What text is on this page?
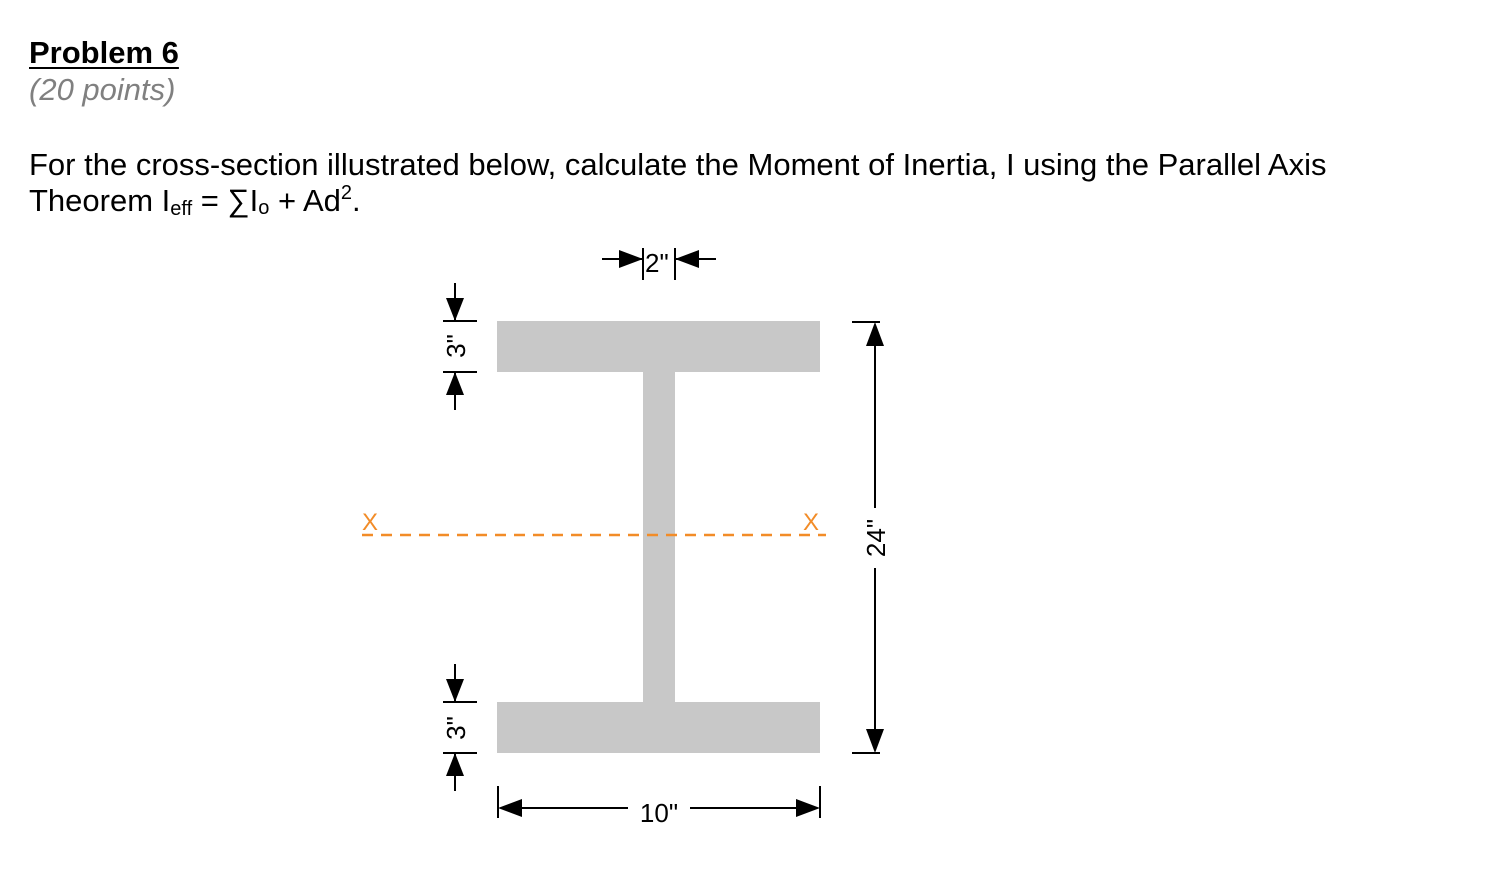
Problem 6

(20 points)

For the cross-section illustrated below, calculate the Moment of Inertia, I using the Parallel Axis Theorem $I_{eff} = \sum Io + Ad^2$.

X	X
2"
3"
3"
24"
10"
